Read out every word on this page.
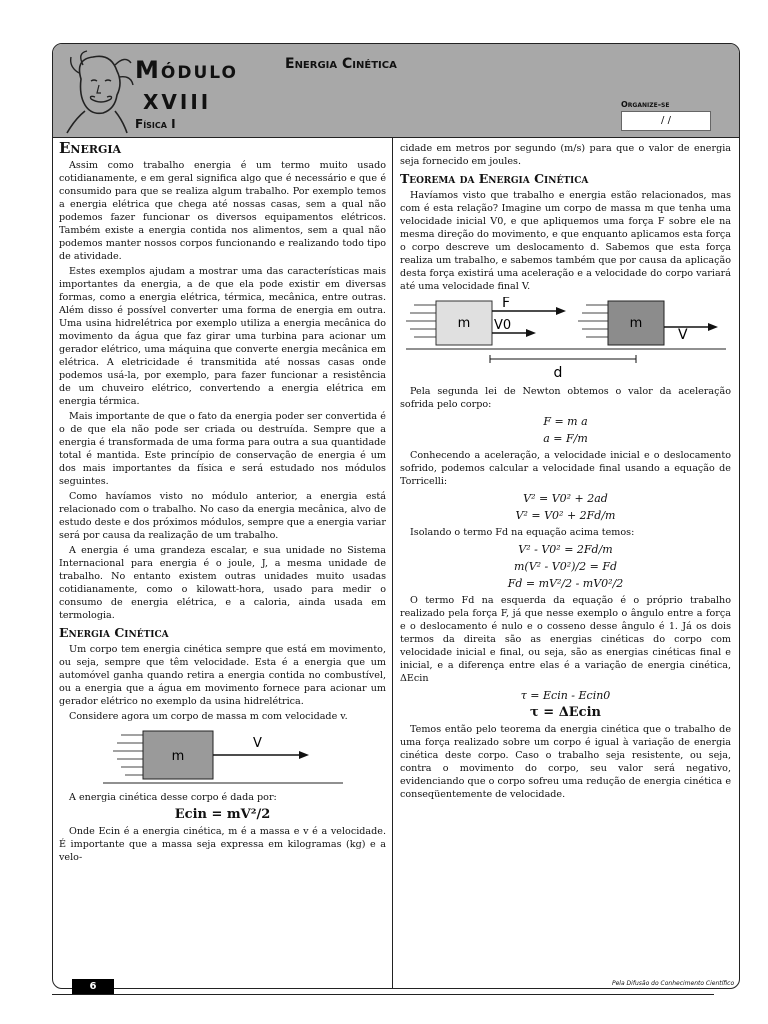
Módulo
XVIII
Física I
Energia Cinética
Organize-se
/ /
Energia

Assim como trabalho energia é um termo muito usado cotidianamente, e em geral significa algo que é necessário e que é consumido para que se realiza algum trabalho. Por exemplo temos a energia elétrica que chega até nossas casas, sem a qual não podemos fazer funcionar os diversos equipamentos elétricos. Também existe a energia contida nos alimentos, sem a qual não podemos manter nossos corpos funcionando e realizando todo tipo de atividade.

Estes exemplos ajudam a mostrar uma das características mais importantes da energia, a de que ela pode existir em diversas formas, como a energia elétrica, térmica, mecânica, entre outras. Além disso é possível converter uma forma de energia em outra. Uma usina hidrelétrica por exemplo utiliza a energia mecânica do movimento da água que faz girar uma turbina para acionar um gerador elétrico, uma máquina que converte energia mecânica em elétrica. A eletricidade é transmitida até nossas casas onde podemos usá-la, por exemplo, para fazer funcionar a resistência de um chuveiro elétrico, convertendo a energia elétrica em energia térmica.

Mais importante de que o fato da energia poder ser convertida é o de que ela não pode ser criada ou destruída. Sempre que a energia é transformada de uma forma para outra a sua quantidade total é mantida. Este princípio de conservação de energia é um dos mais importantes da física e será estudado nos módulos seguintes.

Como havíamos visto no módulo anterior, a energia está relacionado com o trabalho. No caso da energia mecânica, alvo de estudo deste e dos próximos módulos, sempre que a energia variar será por causa da realização de um trabalho.

A energia é uma grandeza escalar, e sua unidade no Sistema Internacional para energia é o joule, J, a mesma unidade de trabalho. No entanto existem outras unidades muito usadas cotidianamente, como o kilowatt-hora, usado para medir o consumo de energia elétrica, e a caloria, ainda usada em termologia.

Energia Cinética

Um corpo tem energia cinética sempre que está em movimento, ou seja, sempre que têm velocidade. Esta é a energia que um automóvel ganha quando retira a energia contida no combustível, ou a energia que a água em movimento fornece para acionar um gerador elétrico no exemplo da usina hidrelétrica.

Considere agora um corpo de massa m com velocidade v.

m
V

A energia cinética desse corpo é dada por:

Ecin = mV²/2

Onde Ecin é a energia cinética, m é a massa e v é a velocidade. É importante que a massa seja expressa em kilogramas (kg) e a velo-

cidade em metros por segundo (m/s) para que o valor de energia seja fornecido em joules.

Teorema da Energia Cinética

Havíamos visto que trabalho e energia estão relacionados, mas com é esta relação? Imagine um corpo de massa m que tenha uma velocidade inicial V0, e que apliquemos uma força F sobre ele na mesma direção do movimento, e que enquanto aplicamos esta força o corpo descreve um deslocamento d. Sabemos que esta força realiza um trabalho, e sabemos também que por causa da aplicação desta força existirá uma aceleração e a velocidade do corpo variará até uma velocidade final V.

m
F
V0	m
V
d

Pela segunda lei de Newton obtemos o valor da aceleração sofrida pelo corpo:

F = m a
a = F/m

Conhecendo a aceleração, a velocidade inicial e o deslocamento sofrido, podemos calcular a velocidade final usando a equação de Torricelli:

V² = V0² + 2ad
V² = V0² + 2Fd/m

Isolando o termo Fd na equação acima temos:

V² - V0² = 2Fd/m
m(V² - V0²)/2 = Fd
Fd = mV²/2 - mV0²/2

O termo Fd na esquerda da equação é o próprio trabalho realizado pela força F, já que nesse exemplo o ângulo entre a força e o deslocamento é nulo e o cosseno desse ângulo é 1. Já os dois termos da direita são as energias cinéticas do corpo com velocidade inicial e final, ou seja, são as energias cinéticas final e inicial, e a diferença entre elas é a variação de energia cinética, ΔEcin

τ = Ecin - Ecin0
τ = ΔEcin

Temos então pelo teorema da energia cinética que o trabalho de uma força realizado sobre um corpo é igual à variação de energia cinética deste corpo. Caso o trabalho seja resistente, ou seja, contra o movimento do corpo, seu valor será negativo, evidenciando que o corpo sofreu uma redução de energia cinética e conseqüentemente de velocidade.

6	Pela Difusão do Conhecimento Científico
